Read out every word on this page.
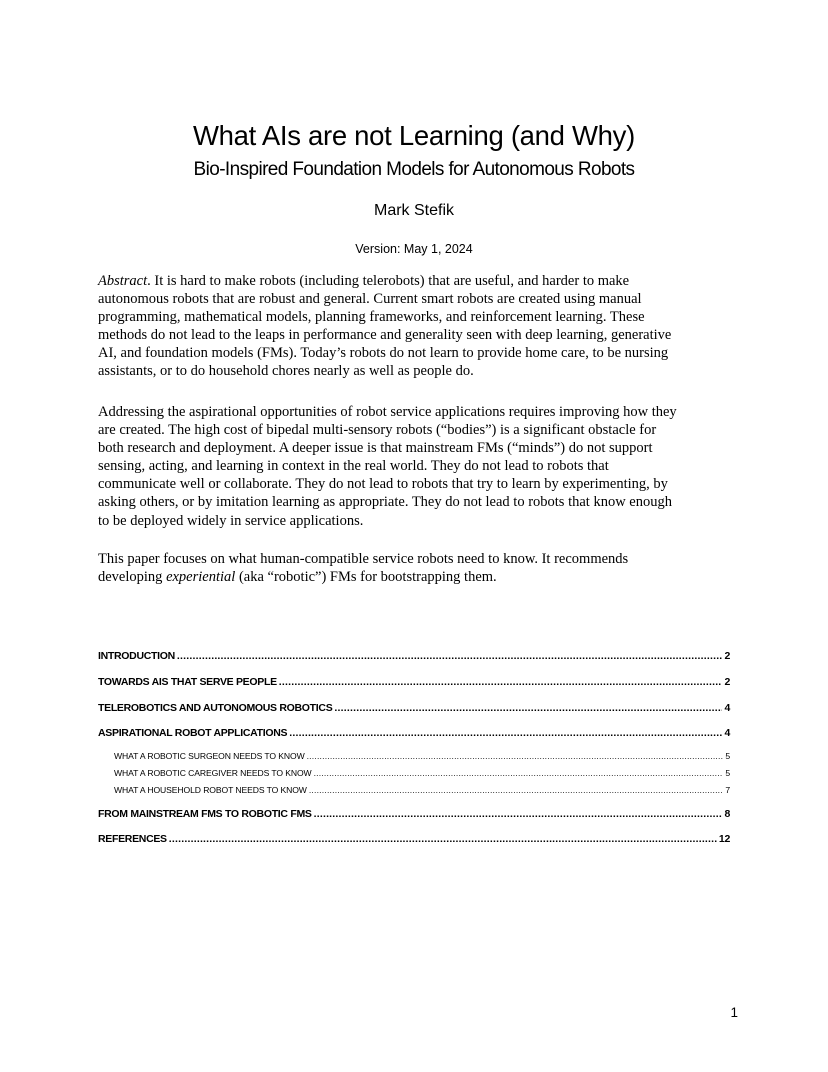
What AIs are not Learning (and Why)
Bio-Inspired Foundation Models for Autonomous Robots
Mark Stefik
Version: May 1, 2024
Abstract. It is hard to make robots (including telerobots) that are useful, and harder to make
autonomous robots that are robust and general. Current smart robots are created using manual
programming, mathematical models, planning frameworks, and reinforcement learning. These
methods do not lead to the leaps in performance and generality seen with deep learning, generative
AI, and foundation models (FMs). Today’s robots do not learn to provide home care, to be nursing
assistants, or to do household chores nearly as well as people do.
Addressing the aspirational opportunities of robot service applications requires improving how they
are created. The high cost of bipedal multi-sensory robots (“bodies”) is a significant obstacle for
both research and deployment. A deeper issue is that mainstream FMs (“minds”) do not support
sensing, acting, and learning in context in the real world. They do not lead to robots that
communicate well or collaborate. They do not lead to robots that try to learn by experimenting, by
asking others, or by imitation learning as appropriate. They do not lead to robots that know enough
to be deployed widely in service applications.
This paper focuses on what human-compatible service robots need to know. It recommends
developing experiential (aka “robotic”) FMs for bootstrapping them.
INTRODUCTION .....	2
TOWARDS AIS THAT SERVE PEOPLE .....	2
TELEROBOTICS AND AUTONOMOUS ROBOTICS .....	4
ASPIRATIONAL ROBOT APPLICATIONS .....	4
WHAT A ROBOTIC SURGEON NEEDS TO KNOW .....	5
WHAT A ROBOTIC CAREGIVER NEEDS TO KNOW .....	5
WHAT A HOUSEHOLD ROBOT NEEDS TO KNOW .....	7
FROM MAINSTREAM FMS TO ROBOTIC FMS .....	8
REFERENCES .....	12
1
